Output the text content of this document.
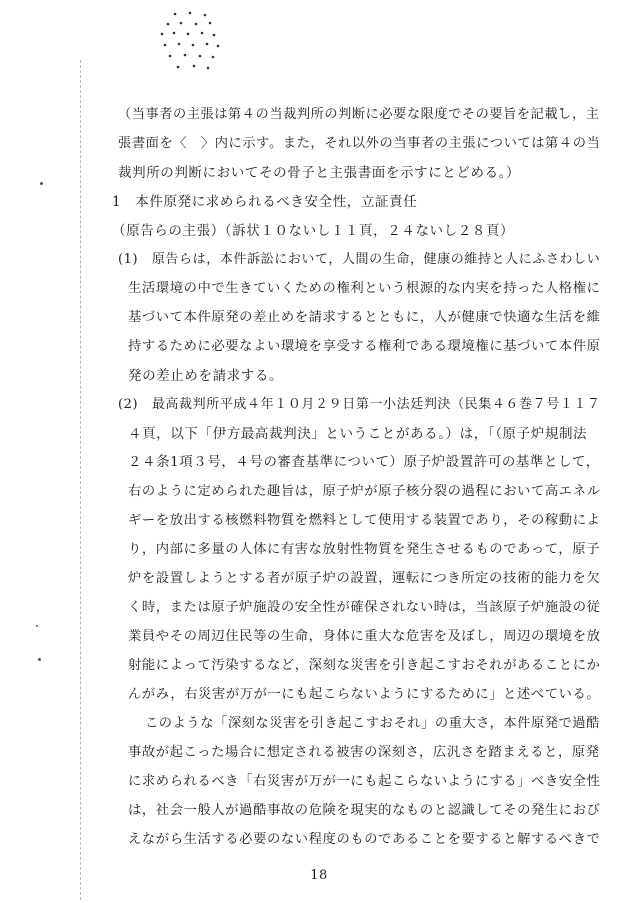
（当事者の主張は第４の当裁判所の判断に必要な限度でその要旨を記載し，主
張書面を〈　〉内に示す。また，それ以外の当事者の主張については第４の当
裁判所の判断においてその骨子と主張書面を示すにとどめる。）
1　本件原発に求められるべき安全性，立証責任
（原告らの主張）（訴状１０ないし１１頁，２４ないし２８頁）
(1)　原告らは，本件訴訟において，人間の生命，健康の維持と人にふさわしい
生活環境の中で生きていくための権利という根源的な内実を持った人格権に
基づいて本件原発の差止めを請求するとともに，人が健康で快適な生活を維
持するために必要なよい環境を享受する権利である環境権に基づいて本件原
発の差止めを請求する。
(2)　最高裁判所平成４年１０月２９日第一小法廷判決（民集４６巻７号１１７
４頁，以下「伊方最高裁判決」ということがある。）は，「（原子炉規制法
２４条1項３号，４号の審査基準について）原子炉設置許可の基準として，
右のように定められた趣旨は，原子炉が原子核分裂の過程において高エネル
ギーを放出する核燃料物質を燃料として使用する装置であり，その稼動によ
り，内部に多量の人体に有害な放射性物質を発生させるものであって，原子
炉を設置しようとする者が原子炉の設置，運転につき所定の技術的能力を欠
く時，または原子炉施設の安全性が確保されない時は，当該原子炉施設の従
業員やその周辺住民等の生命，身体に重大な危害を及ぼし，周辺の環境を放
射能によって汚染するなど，深刻な災害を引き起こすおそれがあることにか
んがみ，右災害が万が一にも起こらないようにするために」と述べている。
このような「深刻な災害を引き起こすおそれ」の重大さ，本件原発で過酷
事故が起こった場合に想定される被害の深刻さ，広汎さを踏まえると，原発
に求められるべき「右災害が万が一にも起こらないようにする」べき安全性
は，社会一般人が過酷事故の危険を現実的なものと認識してその発生におび
えながら生活する必要のない程度のものであることを要すると解するべきで
18
